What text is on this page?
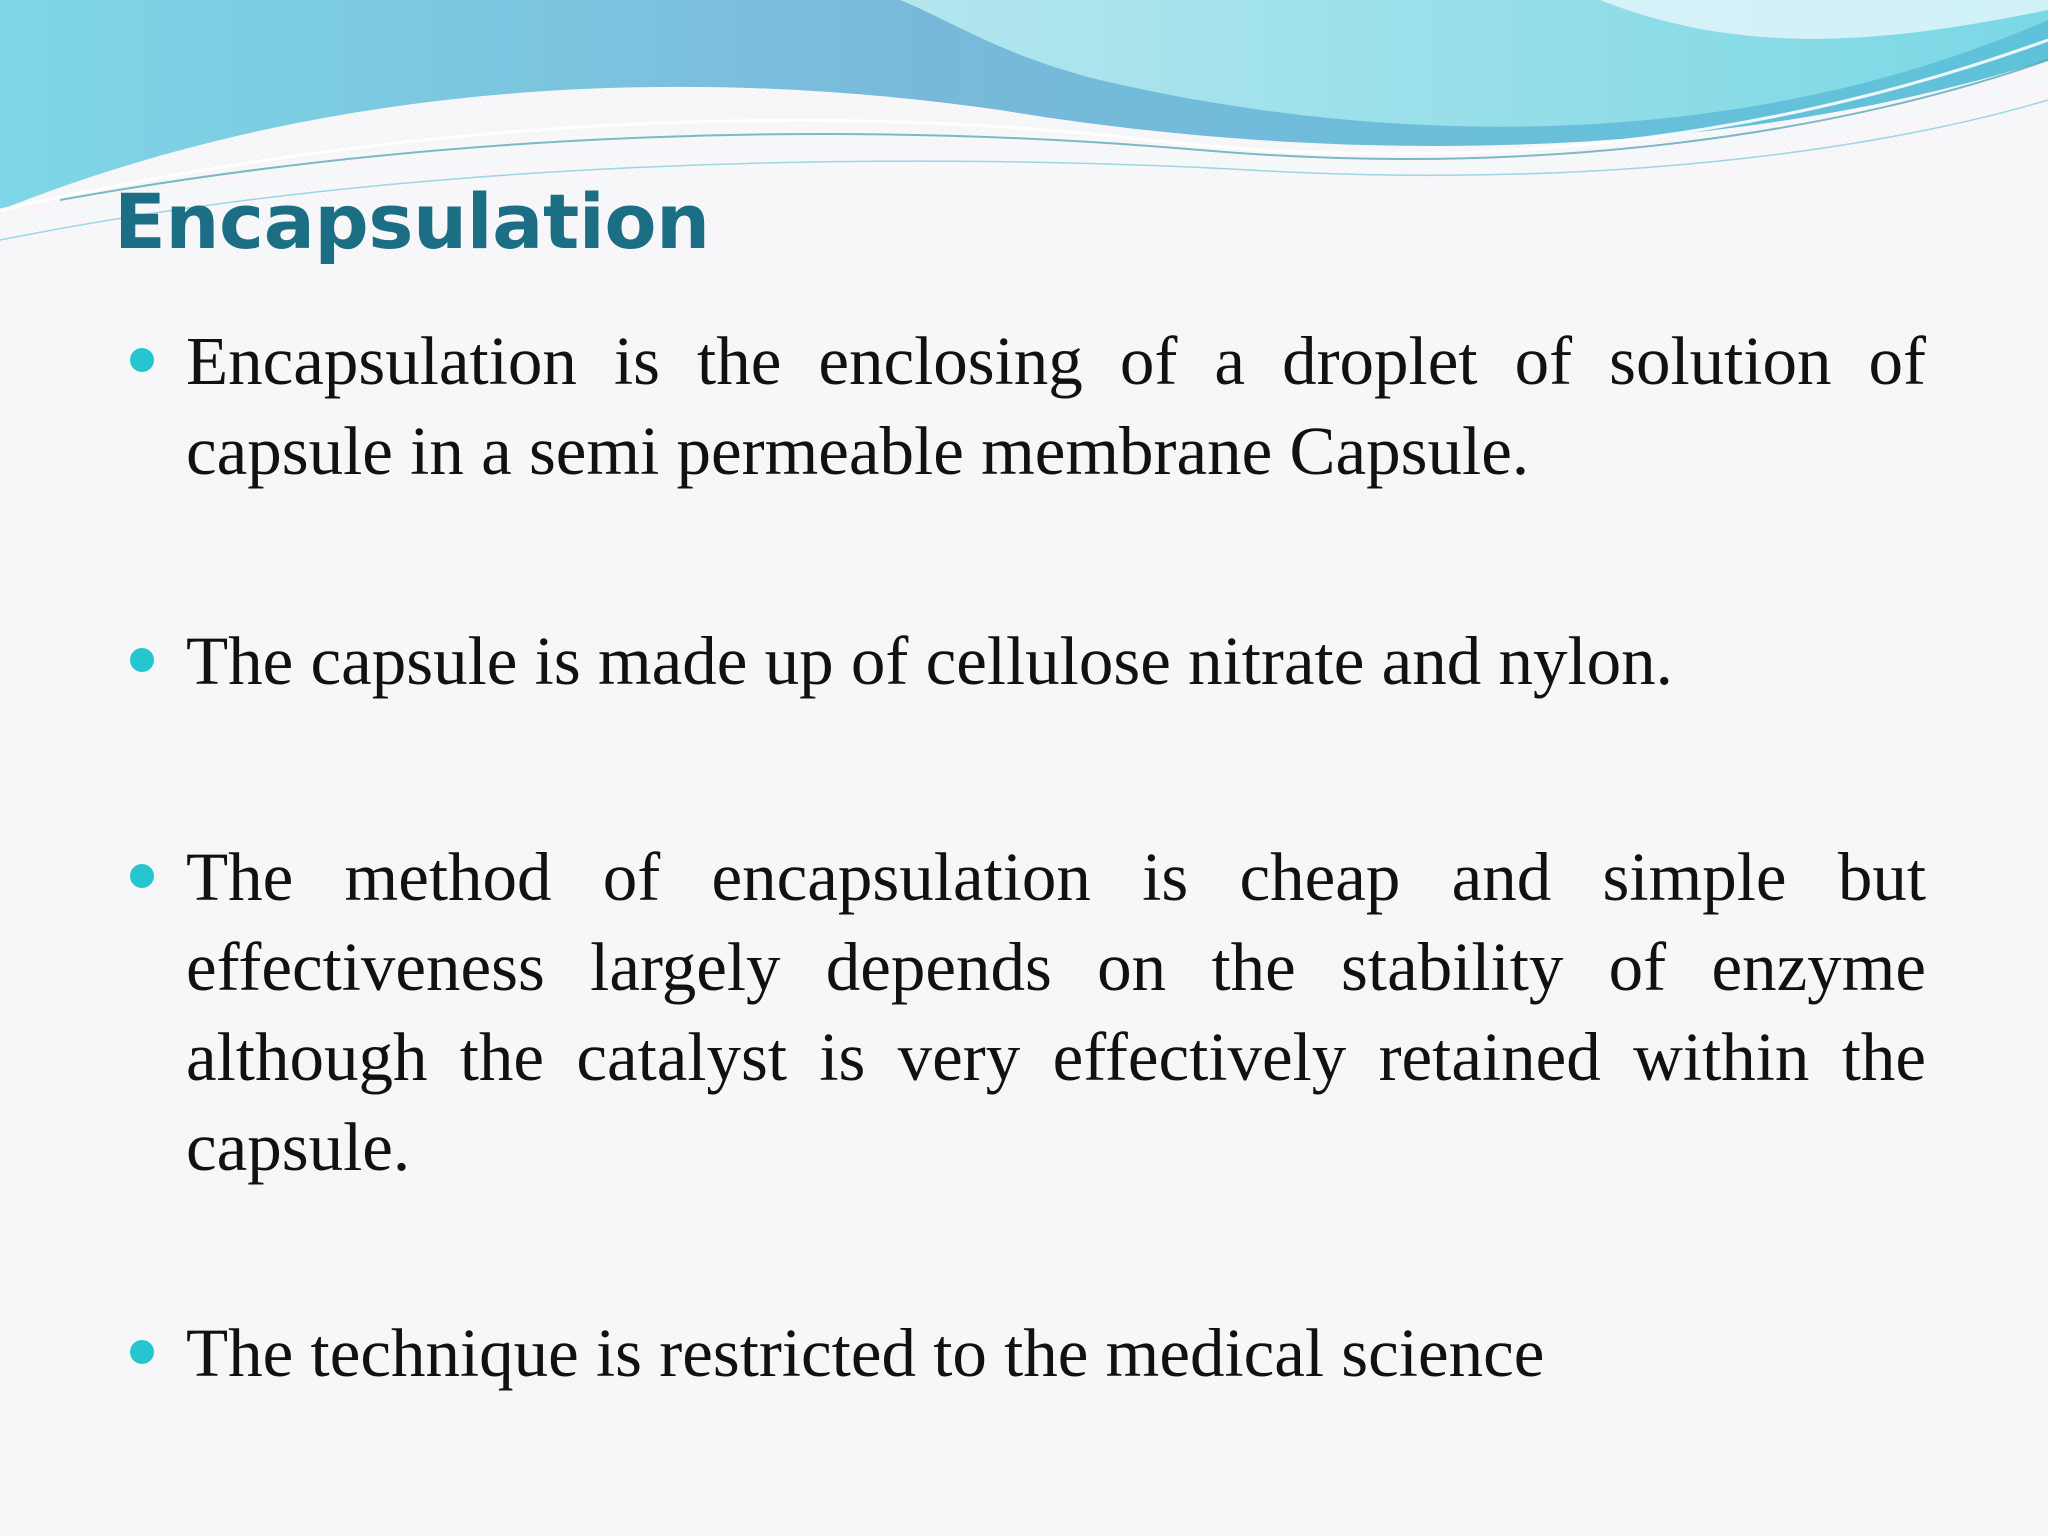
Encapsulation
Encapsulation is the enclosing of a droplet of solution of capsule in a semi permeable membrane Capsule.
The capsule is made up of cellulose nitrate and nylon.
The method of encapsulation is cheap and simple but effectiveness largely depends on the stability of enzyme although the catalyst is very effectively retained within the capsule.
The technique is restricted to the medical science
